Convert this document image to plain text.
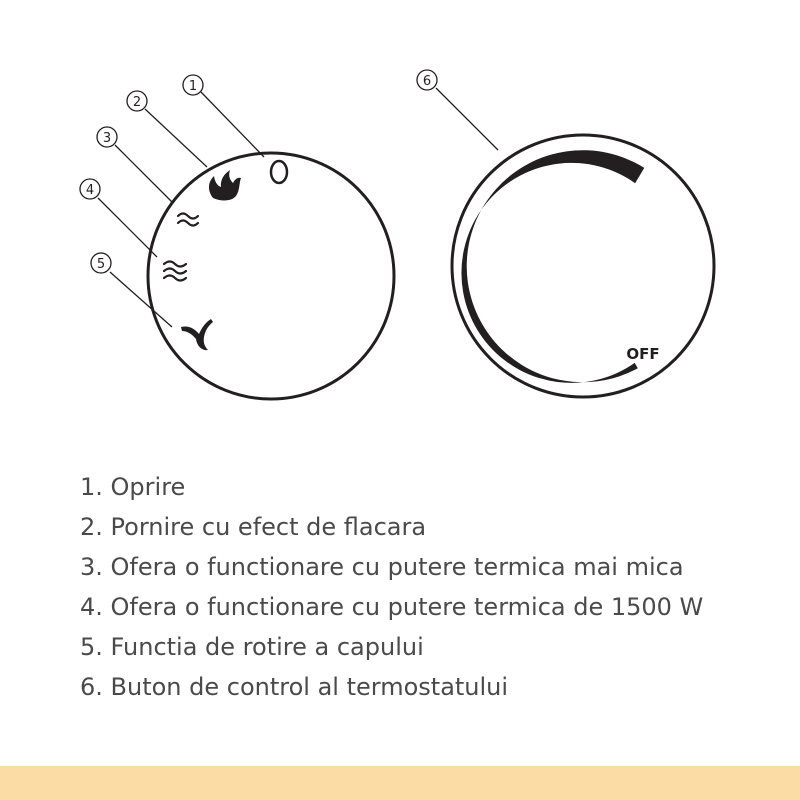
1
2
3
4
5
6
OFF
1. Oprire
2. Pornire cu efect de flacara
3. Ofera o functionare cu putere termica mai mica
4. Ofera o functionare cu putere termica de 1500 W
5. Functia de rotire a capului
6. Buton de control al termostatului
